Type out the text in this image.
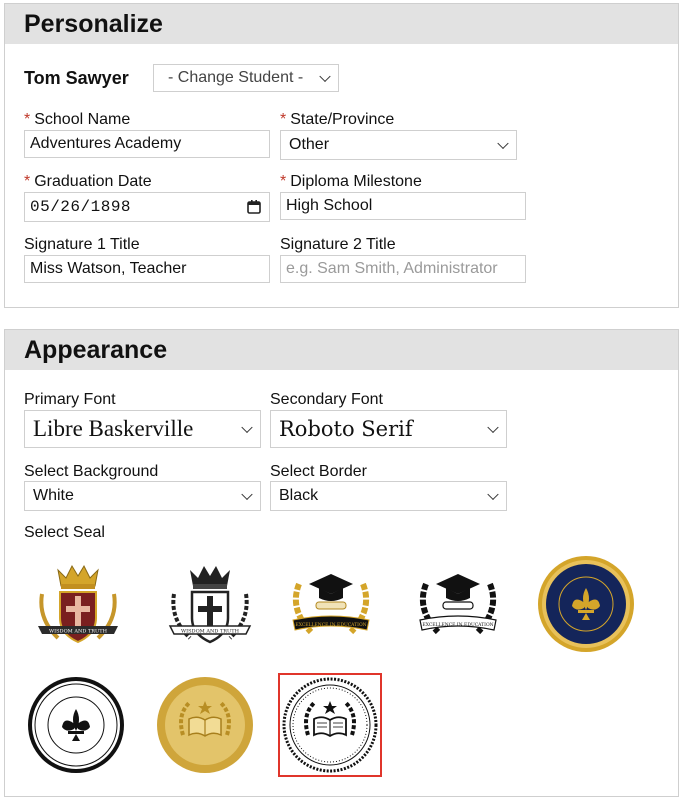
Personalize
Tom Sawyer - Change Student -
* School Name
Adventures Academy
* State/Province
Other
* Graduation Date
05/26/1898
* Diploma Milestone
High School
Signature 1 Title
Miss Watson, Teacher
Signature 2 Title
e.g. Sam Smith, Administrator
Appearance
Primary Font
Libre Baskerville
Secondary Font
Roboto Serif
Select Background
White
Select Border
Black
Select Seal
WISDOM AND TRUTH	WISDOM AND TRUTH
EXCELLENCE IN EDUCATION	EXCELLENCE IN EDUCATION
